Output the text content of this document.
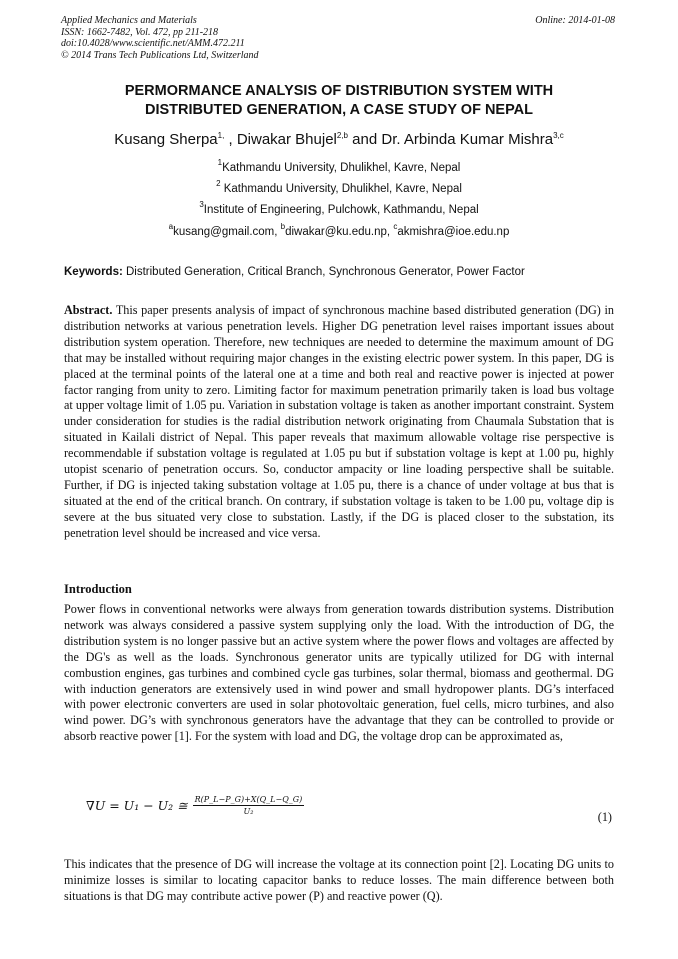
Applied Mechanics and Materials
ISSN: 1662-7482, Vol. 472, pp 211-218
doi:10.4028/www.scientific.net/AMM.472.211
© 2014 Trans Tech Publications Ltd, Switzerland
Online: 2014-01-08
PERMORMANCE ANALYSIS OF DISTRIBUTION SYSTEM WITH
DISTRIBUTED GENERATION, A CASE STUDY OF NEPAL
Kusang Sherpa$^{1,}$ , Diwakar Bhujel$^{2,b}$ and Dr. Arbinda Kumar Mishra$^{3,c}$
$^1$Kathmandu University, Dhulikhel, Kavre, Nepal
$^2$ Kathmandu University, Dhulikhel, Kavre, Nepal
$^3$Institute of Engineering, Pulchowk, Kathmandu, Nepal
$^a$kusang@gmail.com, $^b$diwakar@ku.edu.np, $^c$akmishra@ioe.edu.np
Keywords: Distributed Generation, Critical Branch, Synchronous Generator, Power Factor
Abstract. This paper presents analysis of impact of synchronous machine based distributed generation (DG) in distribution networks at various penetration levels. Higher DG penetration level raises important issues about distribution system operation. Therefore, new techniques are needed to determine the maximum amount of DG that may be installed without requiring major changes in the existing electric power system. In this paper, DG is placed at the terminal points of the lateral one at a time and both real and reactive power is injected at power factor ranging from unity to zero. Limiting factor for maximum penetration primarily taken is load bus voltage at upper voltage limit of 1.05 pu. Variation in substation voltage is taken as another important constraint. System under consideration for studies is the radial distribution network originating from Chaumala Substation that is situated in Kailali district of Nepal. This paper reveals that maximum allowable voltage rise perspective is recommendable if substation voltage is regulated at 1.05 pu but if substation voltage is kept at 1.00 pu, highly utopist scenario of penetration occurs. So, conductor ampacity or line loading perspective shall be suitable. Further, if DG is injected taking substation voltage at 1.05 pu, there is a chance of under voltage at bus that is situated at the end of the critical branch. On contrary, if substation voltage is taken to be 1.00 pu, voltage dip is severe at the bus situated very close to substation. Lastly, if the DG is placed closer to the substation, its penetration level should be increased and vice versa.
Introduction
Power flows in conventional networks were always from generation towards distribution systems. Distribution network was always considered a passive system supplying only the load. With the introduction of DG, the distribution system is no longer passive but an active system where the power flows and voltages are affected by the DG's as well as the loads. Synchronous generator units are typically utilized for DG with internal combustion engines, gas turbines and combined cycle gas turbines, solar thermal, biomass and geothermal. DG with induction generators are extensively used in wind power and small hydropower plants. DG’s interfaced with power electronic converters are used in solar photovoltaic generation, fuel cells, micro turbines, and also wind power. DG’s with synchronous generators have the advantage that they can be controlled to provide or absorb reactive power [1]. For the system with load and DG, the voltage drop can be approximated as,
∇U = U₁ − U₂ ≅ $\frac{R(P\_L-P\_G)+X(Q\_L-Q\_G)}{\text{U₂}}$
(1)
This indicates that the presence of DG will increase the voltage at its connection point [2]. Locating DG units to minimize losses is similar to locating capacitor banks to reduce losses. The main difference between both situations is that DG may contribute active power (P) and reactive power (Q).
